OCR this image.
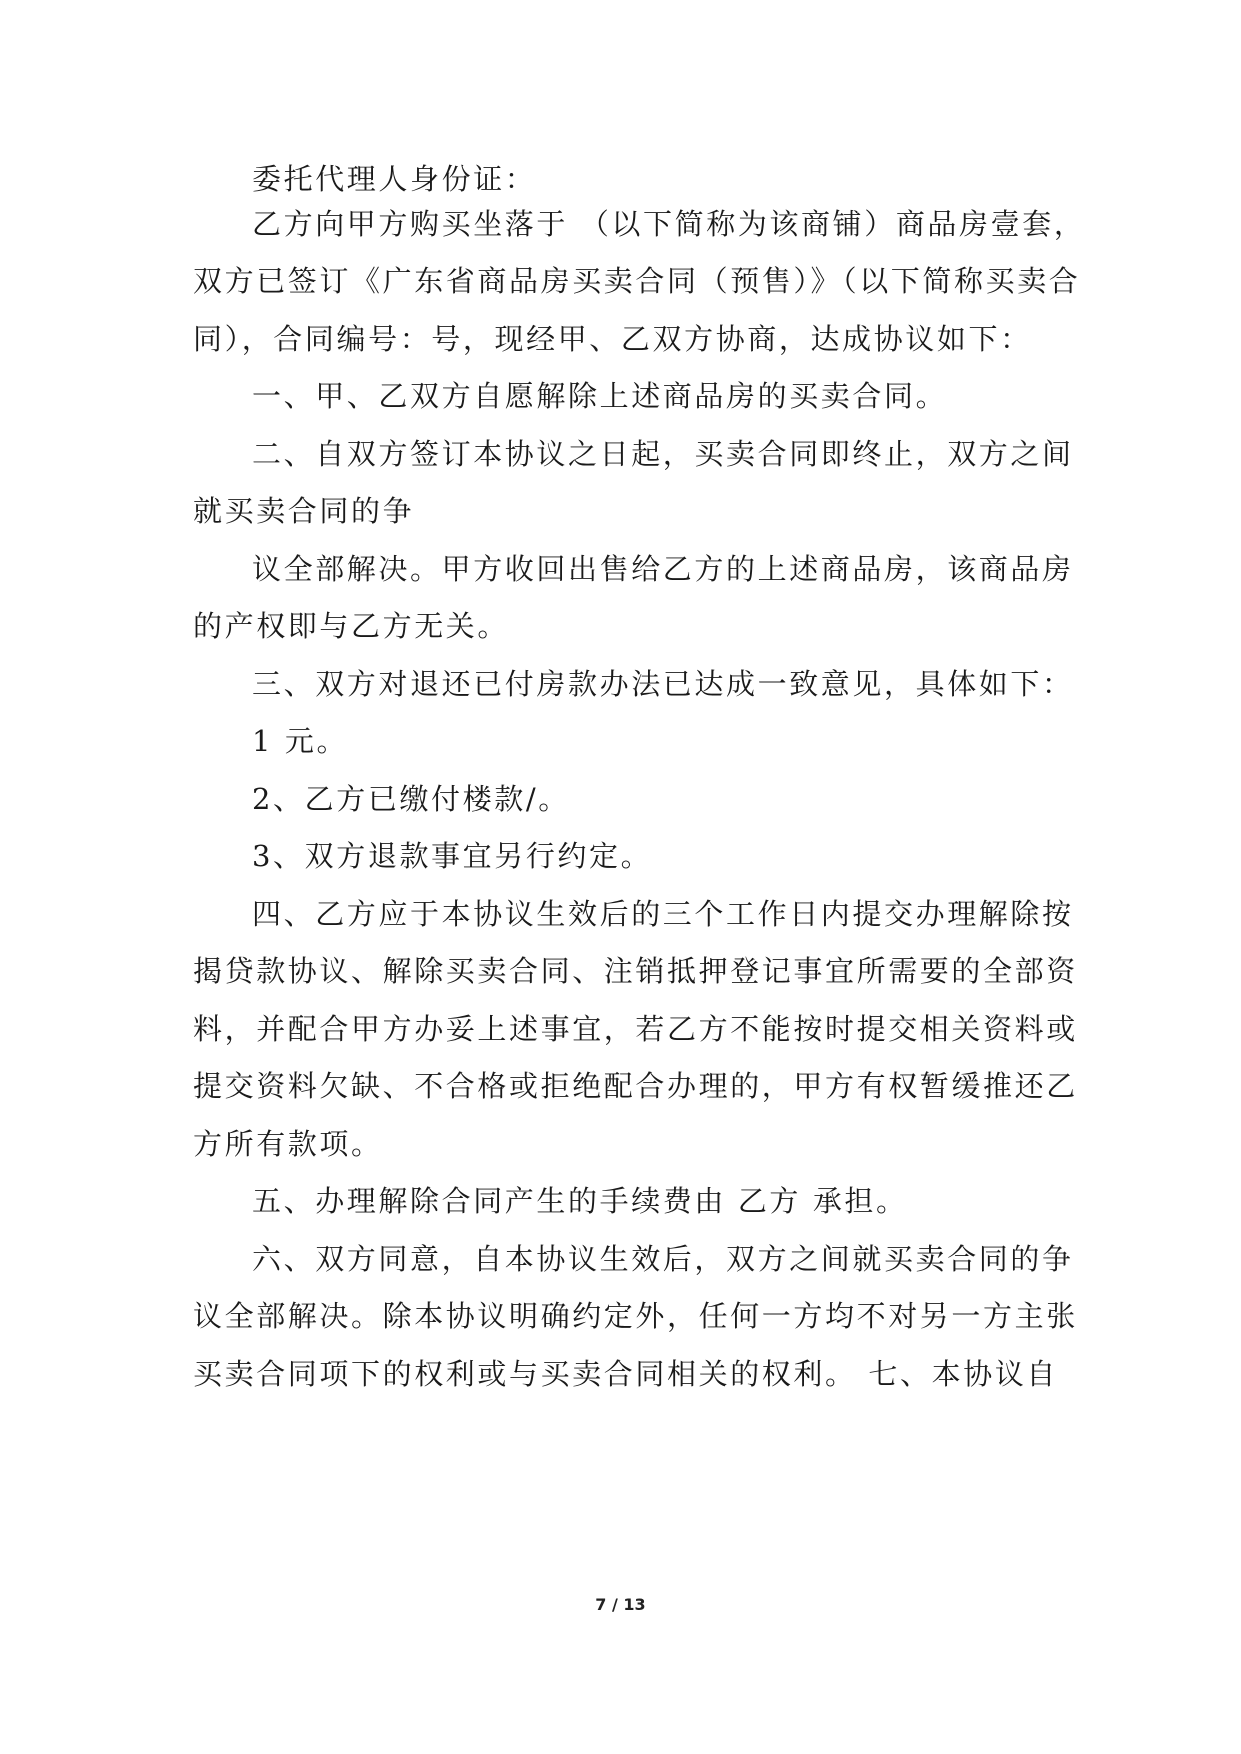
委托代理人身份证：
乙方向甲方购买坐落于 （以下简称为该商铺）商品房壹套，
双方已签订《广东省商品房买卖合同（预售）》（以下简称买卖合
同），合同编号：号，现经甲、乙双方协商，达成协议如下：
一、甲、乙双方自愿解除上述商品房的买卖合同。
二、自双方签订本协议之日起，买卖合同即终止，双方之间
就买卖合同的争
议全部解决。甲方收回出售给乙方的上述商品房，该商品房
的产权即与乙方无关。
三、双方对退还已付房款办法已达成一致意见，具体如下：
1 元。
2、乙方已缴付楼款/。
3、双方退款事宜另行约定。
四、乙方应于本协议生效后的三个工作日内提交办理解除按
揭贷款协议、解除买卖合同、注销抵押登记事宜所需要的全部资
料，并配合甲方办妥上述事宜，若乙方不能按时提交相关资料或
提交资料欠缺、不合格或拒绝配合办理的，甲方有权暂缓推还乙
方所有款项。
五、办理解除合同产生的手续费由 乙方 承担。
六、双方同意，自本协议生效后，双方之间就买卖合同的争
议全部解决。除本协议明确约定外，任何一方均不对另一方主张
买卖合同项下的权利或与买卖合同相关的权利。 七、本协议自
7 / 13
